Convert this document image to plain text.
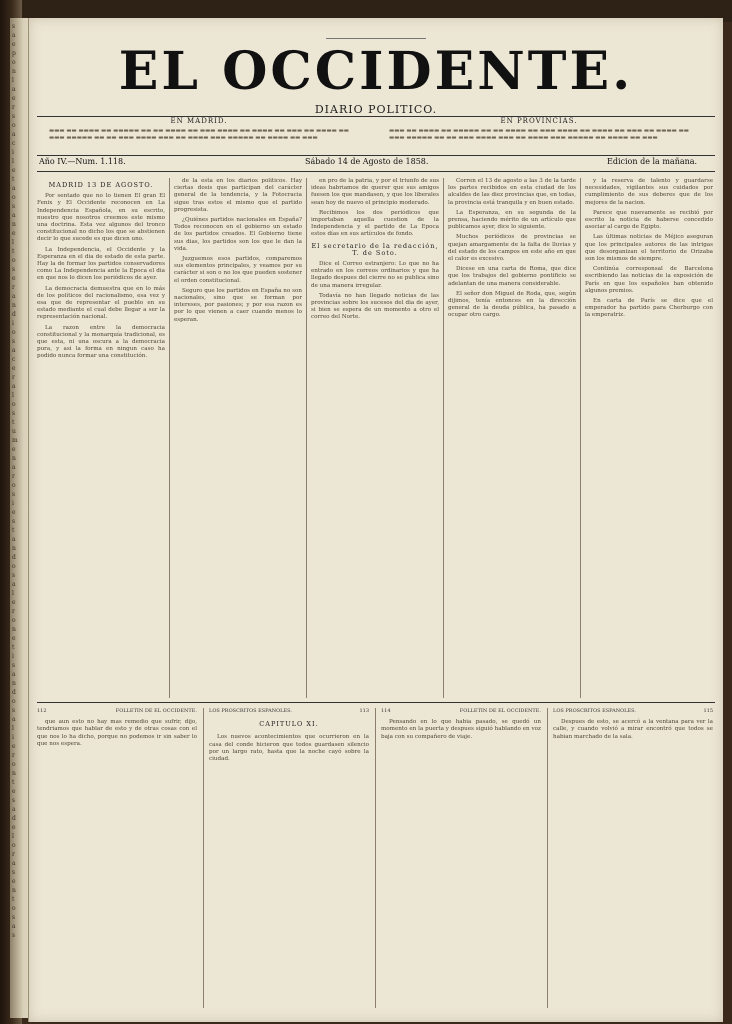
s
a
e
p
o
n
l
a
e
r
s
o
a
c
i
l
e
t
a
o
s
a
n
e
l
t
o
s
e
r
a
n
d
i
o
s
a
c
e
r
a
l
o
s
t
u
m
e
n
a
r
o
s
i
e
s
t
a
n
d
o
s
a
l
e
r
o
n
e
t
i
s
a
n
d
o
s
a
l
i
e
r
o
n
t
e
s
a
d
e
l
o
r
a
s
e
n
t
o
s
a
s
EL OCCIDENTE.
DIARIO POLITICO.
EN MADRID.
▬▬▬ ▬▬ ▬▬▬▬ ▬▬ ▬▬▬▬▬ ▬▬ ▬▬ ▬▬▬▬ ▬▬ ▬▬▬ ▬▬▬▬ ▬▬ ▬▬▬▬ ▬▬ ▬▬▬ ▬▬ ▬▬▬▬ ▬▬ ▬▬▬ ▬▬▬▬▬ ▬▬ ▬▬ ▬▬▬ ▬▬▬▬ ▬▬▬ ▬▬ ▬▬▬▬ ▬▬▬ ▬▬▬▬▬ ▬▬ ▬▬▬▬ ▬▬ ▬▬▬
EN PROVINCIAS.
▬▬▬ ▬▬ ▬▬▬▬ ▬▬ ▬▬▬▬▬ ▬▬ ▬▬ ▬▬▬▬ ▬▬ ▬▬▬ ▬▬▬▬ ▬▬ ▬▬▬▬ ▬▬ ▬▬▬ ▬▬ ▬▬▬▬ ▬▬ ▬▬▬ ▬▬▬▬▬ ▬▬ ▬▬ ▬▬▬ ▬▬▬▬ ▬▬▬ ▬▬ ▬▬▬▬ ▬▬▬ ▬▬▬▬▬ ▬▬ ▬▬▬▬ ▬▬ ▬▬▬
Año IV.—Num. 1.118.	Sábado 14 de Agosto de 1858.	Edicion de la mañana.
MADRID 13 DE AGOSTO.
Por sentado que no lo tienen El gran El Fenix y El Occidente reconocen en La Independencia Española, en su escrito, nuestro que nosotros creemos este mismo una doctrina. Esta vez algunos del tronco constitucional no dicho los que se abstienen decir lo que sucede es que dicen uno.
La Independencia, el Occidente y la Esperanza en el dia de estado de esta parte. Hay la de formar los partidos conservadores como La Independencia ante la Epoca el dia en que nos lo dicen los periódicos de ayer.
La democracia demuestra que en lo más de los políticos del racionalismo, esa vez y esa que de representar el pueblo en su estado mediante el cual debe llegar a ser la representación nacional.
La razon entre la democracia constitucional y la monarquía tradicional, es que esta, ni una oscura a la democracia pura, y asi la forma en ningun caso ha podido nunca formar una constitución.
de la esta en los diarios políticos. Hay ciertas dosis que participan del carácter general de la tendencia, y la Fotocracia sigue tras estos el mismo que el partido progresista.
¿Quiénes partidos nacionales en España? Todos reconocen en el gobierno un estado de los partidos creados. El Gobierno tiene sus dias, los partidos son los que le dan la vida.
Juzguemos esos partidos, comparemos sus elementos principales, y veamos por su carácter si son o no los que pueden sostener el orden constitucional.
Seguro que los partidos en España no son nacionales, sino que se forman por intereses, por pasiones; y por esa razon es por lo que vienen a caer cuando menos lo esperan.
en pro de la patria, y por el triunfo de sus ideas habriamos de querer que sus amigos fuesen los que mandasen, y que los liberales sean hoy de nuevo el principio moderado.
Recibimos los dos periódicos que importaban aquella cuestion de la Independencia y el partido de La Epoca estos días en sus artículos de fondo.
El secretario de la redacción, T. de Soto.
Dice el Correo estranjero: Lo que no ha entrado en los correos ordinarios y que ha llegado despues del cierre no se publica sino de una manera irregular.
Todavía no han llegado noticias de las provincias sobre los sucesos del dia de ayer, si bien se espera de un momento a otro el correo del Norte.
Corren el 13 de agosto a las 3 de la tarde los partes recibidos en esta ciudad de los alcaldes de las diez provincias que, en todas, la provincia está tranquila y en buen estado.
La Esperanza, en su segunda de la prensa, haciendo mérito de un artículo que publicamos ayer, dice lo siguiente.
Muchos periódicos de provincias se quejan amargamente de la falta de lluvias y del estado de los campos en este año en que el calor es excesivo.
Dicese en una carta de Roma, que dice que los trabajos del gobierno pontificio se adelantan de una manera considerable.
El señor don Miguel de Roda, que, según dijimos, tenía entonces en la dirección general de la deuda pública, ha pasado a ocupar otro cargo.
y la reserva de talento y guardarse necesidades, vigilantes sus cuidados por cumplimiento de sus deberes que de los mejores de la nacion.
Parece que nuevamente se recibió por escrito la noticia de haberse concedido asociar al cargo de Egipto.
Las últimas noticias de Méjico aseguran que los principales autores de las intrigas que desorganizan el territorio de Orizaba son los mismos de siempre.
Continúa corresponsal de Barcelona escribiendo las noticias de la exposición de París en que los españoles han obtenido algunos premios.
En carta de París se dice que el emperador ha partido para Cherburgo con la emperatriz.
112	FOLLETÍN DE EL OCCIDENTE.
que aun esto no hay mas remedio que sufrir, dijo, tendriamos que hablar de esto y de otras cosas con el que nos lo ha dicho, porque no podemos ir sin saber lo que nos espera.
LOS PROSCRITOS ESPAÑOLES.	113
CAPITULO XI.
Los nuevos acontecimientos que ocurrieron en la casa del conde hicieron que todos guardasen silencio por un largo rato, hasta que la noche cayó sobre la ciudad.
114	FOLLETÍN DE EL OCCIDENTE.
Pensando en lo que habia pasado, se quedó un momento en la puerta y despues siguió hablando en voz baja con su compañero de viaje.
LOS PROSCRITOS ESPAÑOLES.	115
Despues de esto, se acercó a la ventana para ver la calle, y cuando volvió a mirar encontró que todos se habian marchado de la sala.
